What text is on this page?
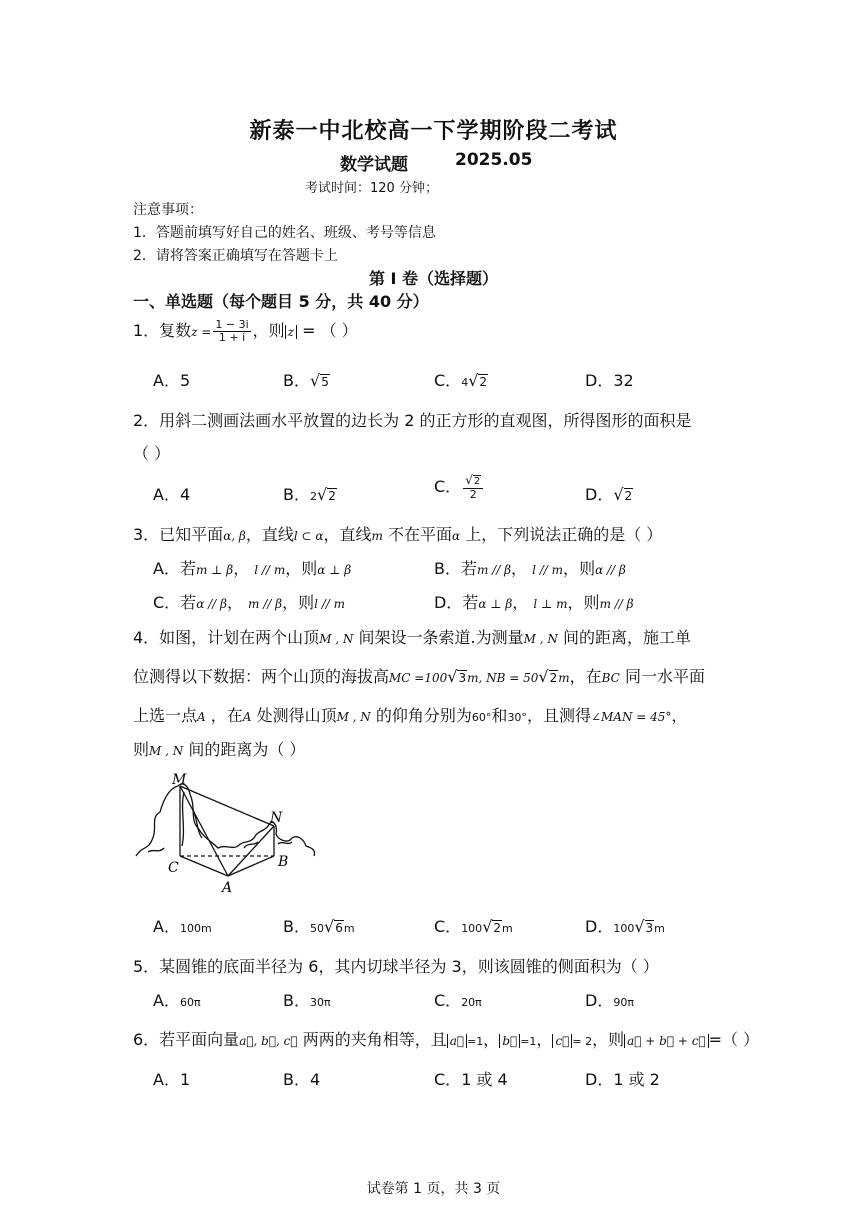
新泰一中北校高一下学期阶段二考试
数学试题	2025.05
考试时间：120 分钟；
注意事项：
1．答题前填写好自己的姓名、班级、考号等信息
2．请将答案正确填写在答题卡上
第 I 卷（选择题）
一、单选题（每个题目 5 分，共 40 分）
1．复数$z = \frac{1 - 3i}{1 + i}$ ，则 z = （ ）
A．5	B．√5	C．4√2	D．32
2．用斜二测画法画水平放置的边长为 2 的正方形的直观图，所得图形的面积是
（ ）
A．4	B．2√2	C． $\frac{√2}{2}$	D．√2
3．已知平面α, β，直线l ⊂ α，直线m 不在平面α 上，下列说法正确的是（ ）
A．若m ⊥ β， l // m，则α ⊥ β	B．若m // β， l // m，则α // β
C．若α // β， m // β，则l // m	D．若α ⊥ β， l ⊥ m，则m // β
4．如图，计划在两个山顶M , N 间架设一条索道.为测量M , N 间的距离，施工单
位测得以下数据：两个山顶的海拔高MC =100√3m, NB = 50√2m，在BC 同一水平面
上选一点A ，在A 处测得山顶M , N 的仰角分别为60°和30°，且测得∠MAN = 45°，
则M , N 间的距离为（ ）
M
N
C	B
A
A．100m	B．50√6m	C．100√2m	D．100√3m
5．某圆锥的底面半径为 6，其内切球半径为 3，则该圆锥的侧面积为（ ）
A．60π	B．30π	C．20π	D．90π
6．若平面向量a⃗, b⃗, c⃗ 两两的夹角相等，且 a⃗ =1， b⃗ =1， c⃗ = 2，则 a⃗ + b⃗ + c⃗ =（ ）
A．1	B．4	C．1 或 4	D．1 或 2
试卷第 1 页，共 3 页
